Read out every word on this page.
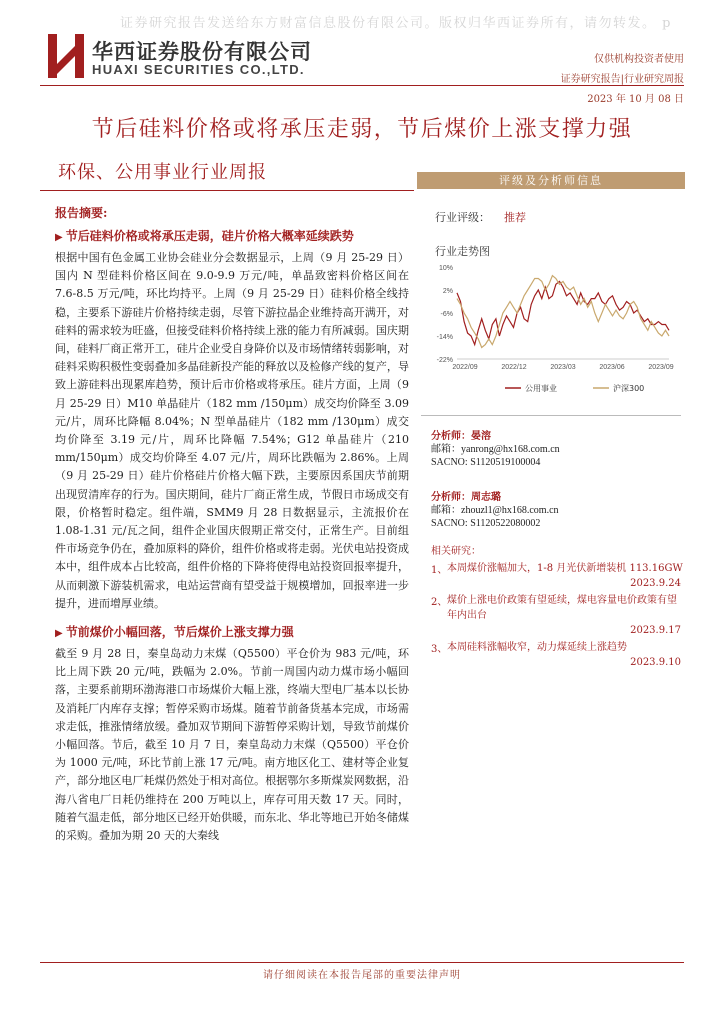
证券研究报告发送给东方财富信息股份有限公司。版权归华西证券所有，请勿转发。 p
华西证券股份有限公司
HUAXI SECURITIES CO.,LTD.
仅供机构投资者使用
证券研究报告|行业研究周报
2023 年 10 月 08 日
节后硅料价格或将承压走弱，节后煤价上涨支撑力强
环保、公用事业行业周报
报告摘要:
▶ 节后硅料价格或将承压走弱，硅片价格大概率延续跌势

根据中国有色金属工业协会硅业分会数据显示，上周（9 月 25-29 日）国内 N 型硅料价格区间在 9.0-9.9 万元/吨，单晶致密料价格区间在 7.6-8.5 万元/吨，环比均持平。上周（9 月 25-29 日）硅料价格全线持稳，主要系下游硅片价格持续走弱，尽管下游拉晶企业维持高开满开，对硅料的需求较为旺盛，但接受硅料价格持续上涨的能力有所减弱。国庆期间，硅料厂商正常开工，硅片企业受自身降价以及市场情绪转弱影响，对硅料采购积极性变弱叠加多晶硅新投产能的释放以及检修产线的复产，导致上游硅料出现累库趋势，预计后市价格或将承压。硅片方面，上周（9 月 25-29 日）M10 单晶硅片（182 mm /150μm）成交均价降至 3.09 元/片，周环比降幅 8.04%；N 型单晶硅片（182 mm /130μm）成交均价降至 3.19 元/片，周环比降幅 7.54%；G12 单晶硅片（210 mm/150μm）成交均价降至 4.07 元/片，周环比跌幅为 2.86%。上周（9 月 25-29 日）硅片价格硅片价格大幅下跌，主要原因系国庆节前期出现贸清库存的行为。国庆期间，硅片厂商正常生成，节假日市场成交有限，价格暂时稳定。组件端，SMM9 月 28 日数据显示，主流报价在 1.08-1.31 元/瓦之间，组件企业国庆假期正常交付，正常生产。目前组件市场竞争仍在，叠加原料的降价，组件价格或将走弱。光伏电站投资成本中，组件成本占比较高，组件价格的下降将使得电站投资回报率提升，从而刺激下游装机需求，电站运营商有望受益于规模增加，回报率进一步提升，进而增厚业绩。

▶ 节前煤价小幅回落，节后煤价上涨支撑力强

截至 9 月 28 日，秦皇岛动力末煤（Q5500）平仓价为 983 元/吨，环比上周下跌 20 元/吨，跌幅为 2.0%。节前一周国内动力煤市场小幅回落，主要系前期环渤海港口市场煤价大幅上涨，终端大型电厂基本以长协及消耗厂内库存支撑；暂停采购市场煤。随着节前备货基本完成，市场需求走低，推涨情绪放缓。叠加双节期间下游暂停采购计划，导致节前煤价小幅回落。节后，截至 10 月 7 日，秦皇岛动力末煤（Q5500）平仓价为 1000 元/吨，环比节前上涨 17 元/吨。南方地区化工、建材等企业复产，部分地区电厂耗煤仍然处于相对高位。根据鄂尔多斯煤炭网数据，沿海八省电厂日耗仍维持在 200 万吨以上，库存可用天数 17 天。同时，随着气温走低，部分地区已经开始供暖，而东北、华北等地已开始冬储煤的采购。叠加为期 20 天的大秦线

评级及分析师信息
行业评级： 推荐
行业走势图
10%
2%
-6%
-14%
-22%
2022/09	2022/12	2023/03	2023/06	2023/09
公用事业	沪深300
分析师：晏溶
邮箱：yanrong@hx168.com.cn
SACNO: S1120519100004
分析师：周志璐
邮箱：zhouzl1@hx168.com.cn
SACNO: S1120522080002
相关研究：
1、 本周煤价涨幅加大，1-8 月光伏新增装机 113.16GW
2023.9.24
2、 煤价上涨电价政策有望延续，煤电容量电价政策有望年内出台
2023.9.17
3、 本周硅料涨幅收窄，动力煤延续上涨趋势
2023.9.10
请仔细阅读在本报告尾部的重要法律声明
